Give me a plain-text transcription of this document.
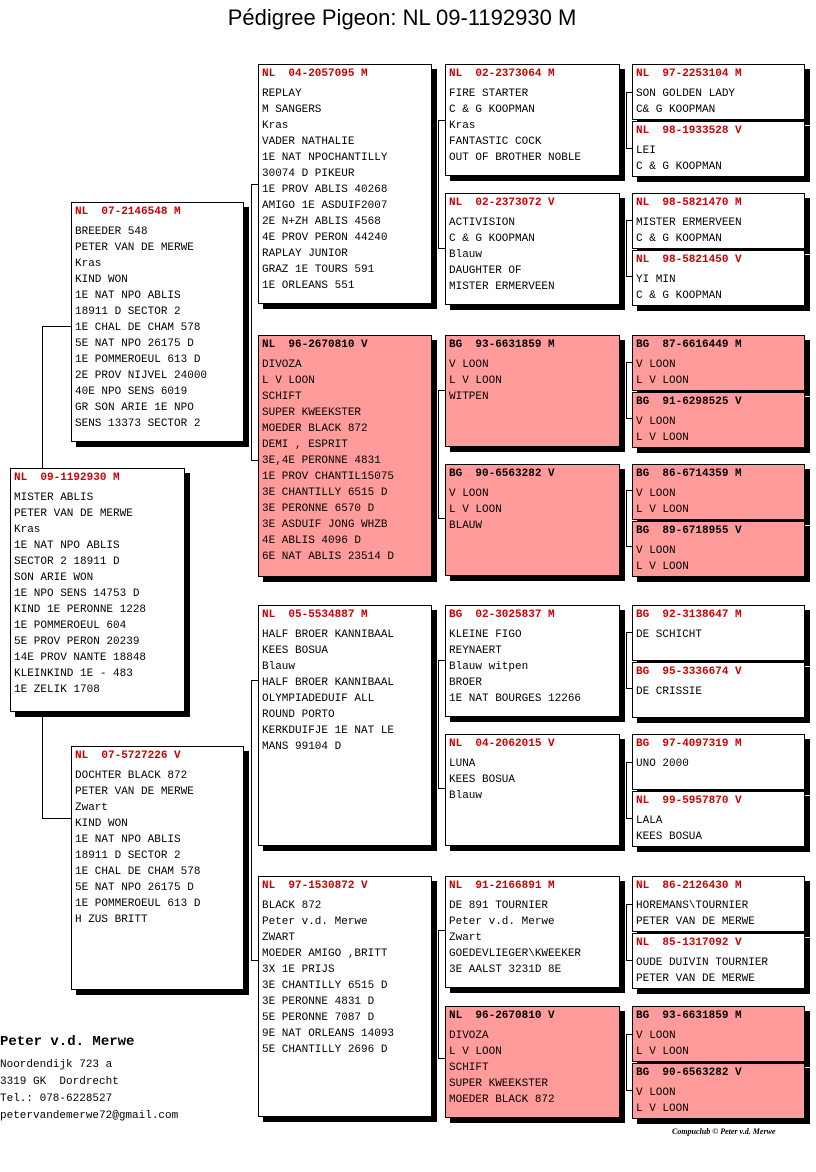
Pédigree Pigeon: NL 09-1192930 M
NL  09-1192930 M
MISTER ABLIS
PETER VAN DE MERWE
Kras
1E NAT NPO ABLIS
SECTOR 2 18911 D
SON ARIE WON
1E NPO SENS 14753 D
KIND 1E PERONNE 1228
1E POMMEROEUL 604
5E PROV PERON 20239
14E PROV NANTE 18848
KLEINKIND 1E - 483
1E ZELIK 1708
NL  07-2146548 M
BREEDER 548
PETER VAN DE MERWE
Kras
KIND WON
1E NAT NPO ABLIS
18911 D SECTOR 2
1E CHAL DE CHAM 578
5E NAT NPO 26175 D
1E POMMEROEUL 613 D
2E PROV NIJVEL 24000
40E NPO SENS 6019
GR SON ARIE 1E NPO
SENS 13373 SECTOR 2
NL  07-5727226 V
DOCHTER BLACK 872
PETER VAN DE MERWE
Zwart
KIND WON
1E NAT NPO ABLIS
18911 D SECTOR 2
1E CHAL DE CHAM 578
5E NAT NPO 26175 D
1E POMMEROEUL 613 D
H ZUS BRITT
NL  04-2057095 M
REPLAY
M SANGERS
Kras
VADER NATHALIE
1E NAT NPOCHANTILLY
30074 D PIKEUR
1E PROV ABLIS 40268
AMIGO 1E ASDUIF2007
2E N+ZH ABLIS 4568
4E PROV PERON 44240
RAPLAY JUNIOR
GRAZ 1E TOURS 591
1E ORLEANS 551
NL  96-2670810 V
DIVOZA
L V LOON
SCHIFT
SUPER KWEEKSTER
MOEDER BLACK 872
DEMI , ESPRIT
3E,4E PERONNE 4831
1E PROV CHANTIL15075
3E CHANTILLY 6515 D
3E PERONNE 6570 D
3E ASDUIF JONG WHZB
4E ABLIS 4096 D
6E NAT ABLIS 23514 D
NL  05-5534887 M
HALF BROER KANNIBAAL
KEES BOSUA
Blauw
HALF BROER KANNIBAAL
OLYMPIADEDUIF ALL
ROUND PORTO
KERKDUIFJE 1E NAT LE
MANS 99104 D
NL  97-1530872 V
BLACK 872
Peter v.d. Merwe
ZWART
MOEDER AMIGO ,BRITT
3X 1E PRIJS
3E CHANTILLY 6515 D
3E PERONNE 4831 D
5E PERONNE 7087 D
9E NAT ORLEANS 14093
5E CHANTILLY 2696 D
NL  02-2373064 M
FIRE STARTER
C & G KOOPMAN
Kras
FANTASTIC COCK
OUT OF BROTHER NOBLE
NL  02-2373072 V
ACTIVISION
C & G KOOPMAN
Blauw
DAUGHTER OF
MISTER ERMERVEEN
BG  93-6631859 M
V LOON
L V LOON
WITPEN
BG  90-6563282 V
V LOON
L V LOON
BLAUW
BG  02-3025837 M
KLEINE FIGO
REYNAERT
Blauw witpen
BROER
1E NAT BOURGES 12266
NL  04-2062015 V
LUNA
KEES BOSUA
Blauw
NL  91-2166891 M
DE 891 TOURNIER
Peter v.d. Merwe
Zwart
GOEDEVLIEGER\KWEEKER
3E AALST 3231D 8E
NL  96-2670810 V
DIVOZA
L V LOON
SCHIFT
SUPER KWEEKSTER
MOEDER BLACK 872
NL  97-2253104 M
SON GOLDEN LADY
C& G KOOPMAN
NL  98-1933528 V
LEI
C & G KOOPMAN
NL  98-5821470 M
MISTER ERMERVEEN
C & G KOOPMAN
NL  98-5821450 V
YI MIN
C & G KOOPMAN
BG  87-6616449 M
V LOON
L V LOON
BG  91-6298525 V
V LOON
L V LOON
BG  86-6714359 M
V LOON
L V LOON
BG  89-6718955 V
V LOON
L V LOON
BG  92-3138647 M
DE SCHICHT
BG  95-3336674 V
DE CRISSIE
BG  97-4097319 M
UNO 2000
NL  99-5957870 V
LALA
KEES BOSUA
NL  86-2126430 M
HOREMANS\TOURNIER
PETER VAN DE MERWE
NL  85-1317092 V
OUDE DUIVIN TOURNIER
PETER VAN DE MERWE
BG  93-6631859 M
V LOON
L V LOON
BG  90-6563282 V
V LOON
L V LOON
Peter v.d. Merwe
Noordendijk 723 a
3319 GK  Dordrecht
Tel.: 078-6228527
petervandemerwe72@gmail.com
Compuclub © Peter v.d. Merwe
